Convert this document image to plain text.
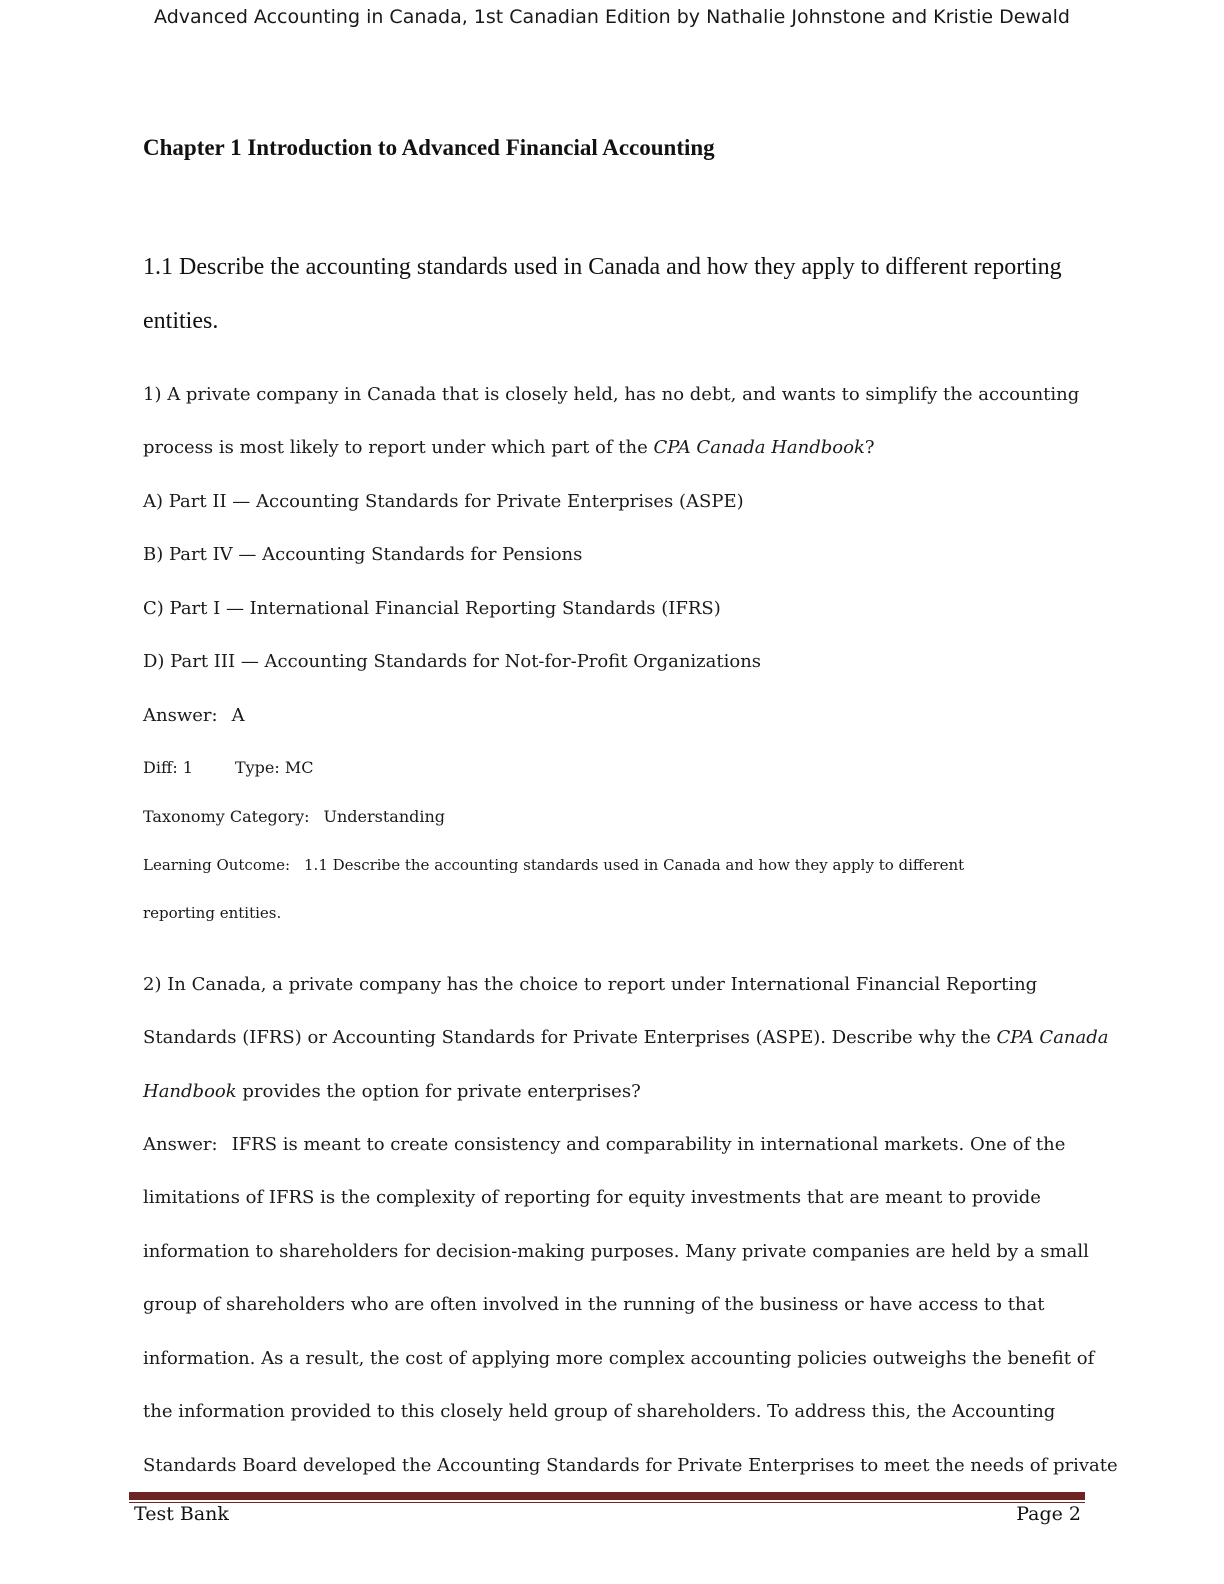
Advanced Accounting in Canada, 1st Canadian Edition by Nathalie Johnstone and Kristie Dewald
Chapter 1 Introduction to Advanced Financial Accounting
1.1 Describe the accounting standards used in Canada and how they apply to different reporting entities.
1) A private company in Canada that is closely held, has no debt, and wants to simplify the accounting
process is most likely to report under which part of the CPA Canada Handbook?
A) Part II — Accounting Standards for Private Enterprises (ASPE)
B) Part IV — Accounting Standards for Pensions
C) Part I — International Financial Reporting Standards (IFRS)
D) Part III — Accounting Standards for Not-for-Profit Organizations
Answer: A
Diff: 1	Type: MC
Taxonomy Category: Understanding
Learning Outcome: 1.1 Describe the accounting standards used in Canada and how they apply to different
reporting entities.
2) In Canada, a private company has the choice to report under International Financial Reporting
Standards (IFRS) or Accounting Standards for Private Enterprises (ASPE). Describe why the CPA Canada
Handbook provides the option for private enterprises?
Answer: IFRS is meant to create consistency and comparability in international markets. One of the
limitations of IFRS is the complexity of reporting for equity investments that are meant to provide
information to shareholders for decision-making purposes. Many private companies are held by a small
group of shareholders who are often involved in the running of the business or have access to that
information. As a result, the cost of applying more complex accounting policies outweighs the benefit of
the information provided to this closely held group of shareholders. To address this, the Accounting
Standards Board developed the Accounting Standards for Private Enterprises to meet the needs of private
Test Bank	Page 2
